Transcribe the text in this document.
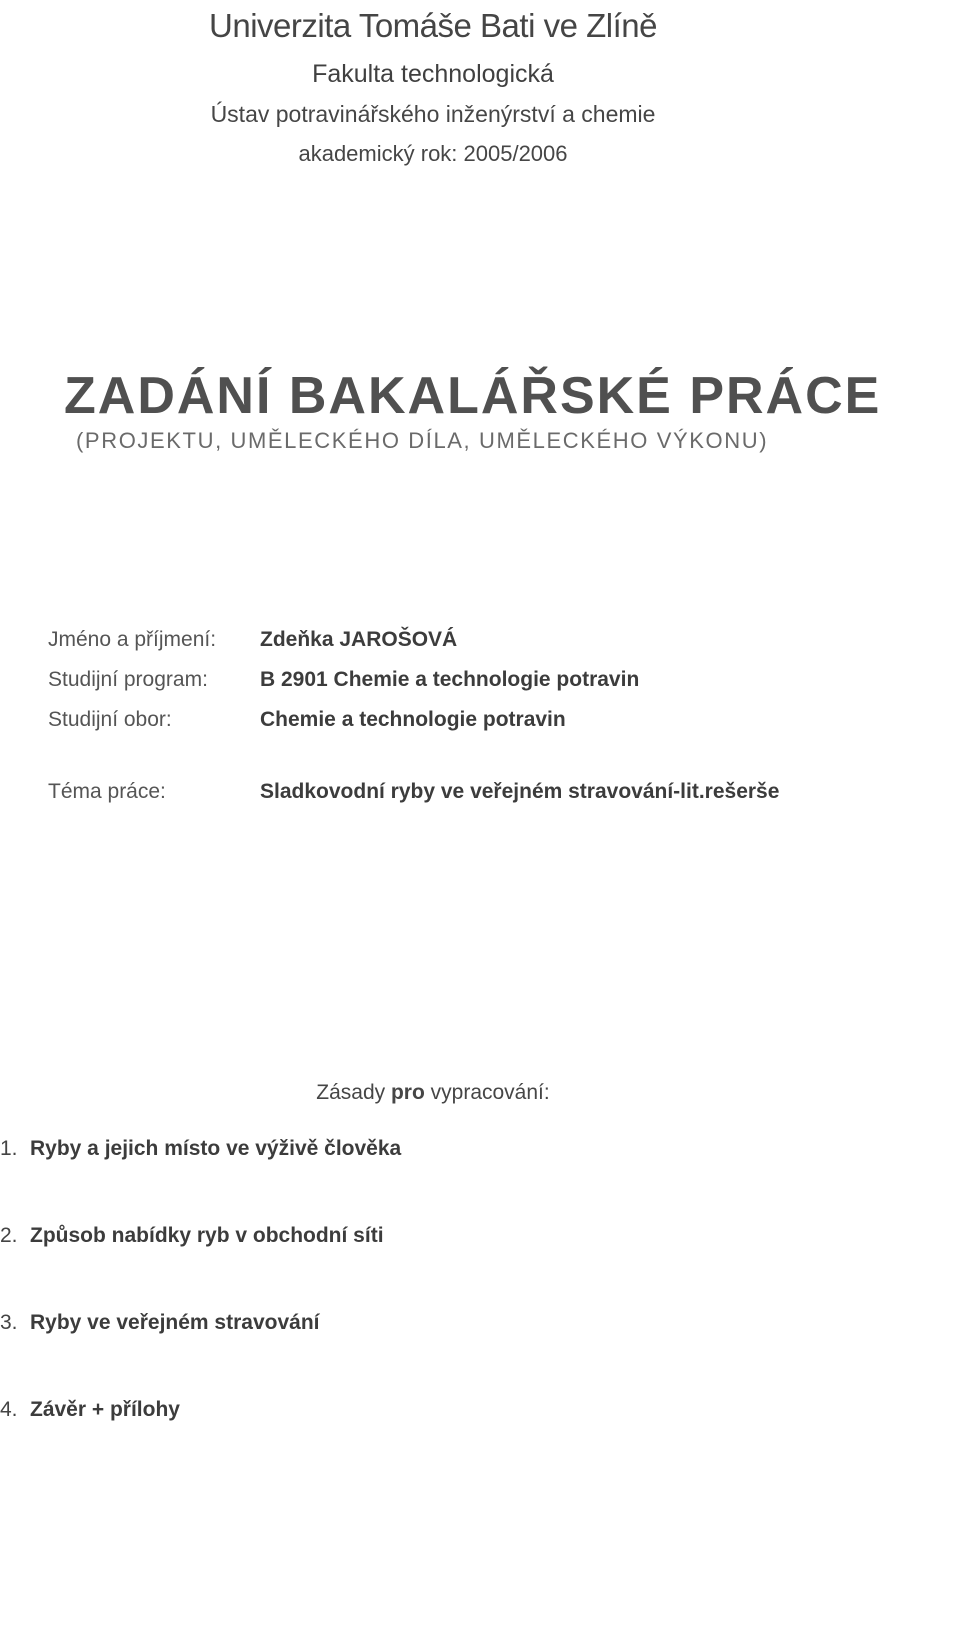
Univerzita Tomáše Bati ve Zlíně
Fakulta technologická
Ústav potravinářského inženýrství a chemie
akademický rok: 2005/2006
ZADÁNÍ BAKALÁŘSKÉ PRÁCE
(PROJEKTU, UMĚLECKÉHO DÍLA, UMĚLECKÉHO VÝKONU)
Jméno a příjmení:	Zdeňka JAROŠOVÁ
Studijní program:	B 2901 Chemie a technologie potravin
Studijní obor:	Chemie a technologie potravin
Téma práce:	Sladkovodní ryby ve veřejném stravování-lit.rešerše
Zásady pro vypracování:
1. Ryby a jejich místo ve výživě člověka
2. Způsob nabídky ryb v obchodní síti
3. Ryby ve veřejném stravování
4. Závěr + přílohy
